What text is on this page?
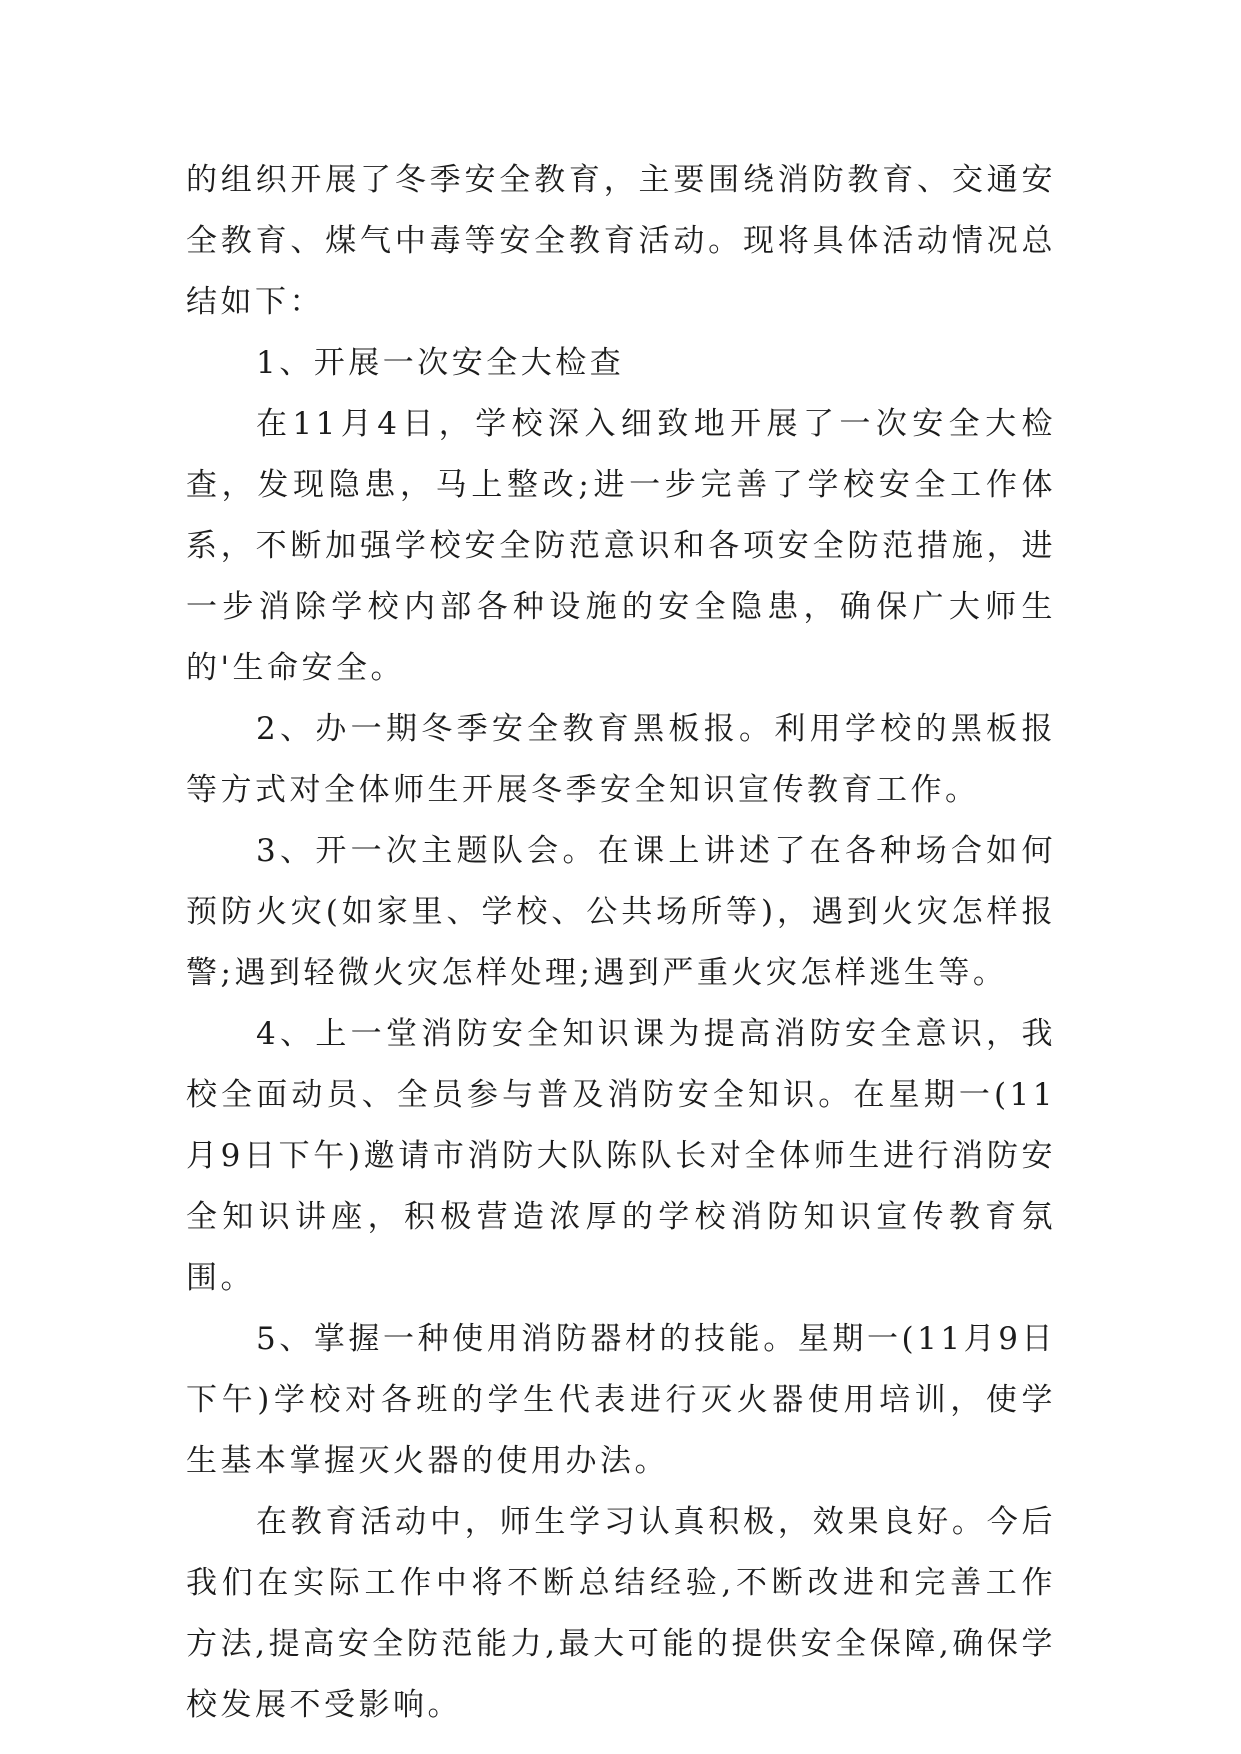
的组织开展了冬季安全教育，主要围绕消防教育、交通安全教育、煤气中毒等安全教育活动。现将具体活动情况总结如下：

1、开展一次安全大检查

在11月4日，学校深入细致地开展了一次安全大检查，发现隐患，马上整改;进一步完善了学校安全工作体系，不断加强学校安全防范意识和各项安全防范措施，进一步消除学校内部各种设施的安全隐患，确保广大师生的'生命安全。

2、办一期冬季安全教育黑板报。利用学校的黑板报等方式对全体师生开展冬季安全知识宣传教育工作。

3、开一次主题队会。在课上讲述了在各种场合如何预防火灾(如家里、学校、公共场所等)，遇到火灾怎样报警;遇到轻微火灾怎样处理;遇到严重火灾怎样逃生等。

4、上一堂消防安全知识课为提高消防安全意识，我校全面动员、全员参与普及消防安全知识。在星期一(11月9日下午)邀请市消防大队陈队长对全体师生进行消防安全知识讲座，积极营造浓厚的学校消防知识宣传教育氛围。

5、掌握一种使用消防器材的技能。星期一(11月9日下午)学校对各班的学生代表进行灭火器使用培训，使学生基本掌握灭火器的使用办法。

在教育活动中，师生学习认真积极，效果良好。今后我们在实际工作中将不断总结经验,不断改进和完善工作方法,提高安全防范能力,最大可能的提供安全保障,确保学校发展不受影响。
